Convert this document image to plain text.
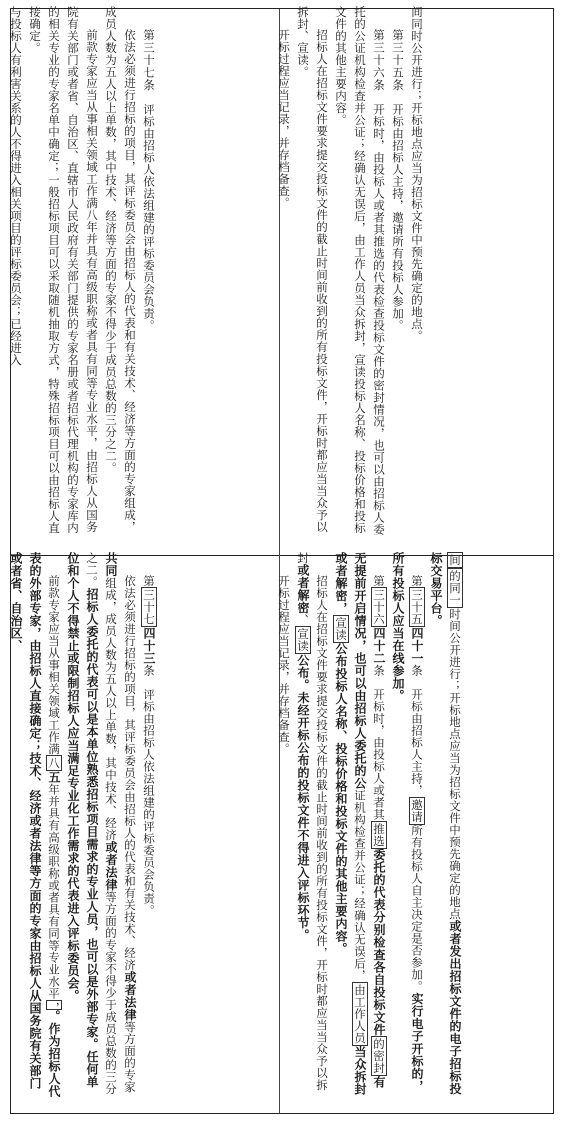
间同时公开进行；开标地点应当为招标文件中预先确定的地点。
第三十五条　开标由招标人主持，邀请所有投标人参加。
第三十六条　开标时，由投标人或者其推选的代表检查投标文件的密封情况，也可以由招标人委托的公证机构检查并公证；经确认无误后，由工作人员当众拆封，宣读投标人名称、投标价格和投标文件的其他主要内容。
招标人在招标文件要求提交投标文件的截止时间前收到的所有投标文件，开标时都应当当众予以拆封、宣读。
开标过程应当记录，并存档备查。
第三十七条　评标由招标人依法组建的评标委员会负责。
依法必须进行招标的项目，其评标委员会由招标人的代表和有关技术、经济等方面的专家组成，成员人数为五人以上单数，其中技术、经济等方面的专家不得少于成员总数的三分之二。
前款专家应当从事相关领域工作满八年并具有高级职称或者具有同等专业水平，由招标人从国务院有关部门或者省、自治区、直辖市人民政府有关部门提供的专家名册或者招标代理机构的专家库内的相关专业的专家名单中确定；一般招标项目可以采取随机抽取方式，特殊招标项目可以由招标人直接确定。
与投标人有利害关系的人不得进入相关项目的评标委员会；已经进入
间的同一时间公开进行；开标地点应当为招标文件中预先确定的地点或者发出招标文件的电子招标投标交易平台。
第三十五四十一条　开标由招标人主持，邀请所有投标人自主决定是否参加。实行电子开标的，所有投标人应当在线参加。
第三十六四十二条　开标时，由投标人或者其推选委托的代表分别检查各自投标文件的密封有无提前开启情况，也可以由招标人委托的公证机构检查并公证；经确认无误后，由工作人员当众拆封或者解密，宣读公布投标人名称、投标价格和投标文件的其他主要内容。
招标人在招标文件要求提交投标文件的截止时间前收到的所有投标文件，开标时都应当当众予以拆封或者解密、宣读公布。未经开标公布的投标文件不得进入评标环节。
开标过程应当记录，并存档备查。
第三十七四十三条　评标由招标人依法组建的评标委员会负责。
依法必须进行招标的项目，其评标委员会由招标人的代表和有关技术、经济或者法律等方面的专家共同组成，成员人数为五人以上单数，其中技术、经济或者法律等方面的专家不得少于成员总数的三分之二。招标人委托的代表可以是本单位熟悉招标项目需求的专业人员，也可以是外部专家。任何单位和个人不得禁止或限制招标人应当满足专业化工作需求的代表进入评标委员会。
前款专家应当从事相关领域工作满八五年并具有高级职称或者具有同等专业水平，。作为招标人代表的外部专家，由招标人直接确定；技术、经济或者法律等方面的专家由招标人从国务院有关部门或者省、自治区、
